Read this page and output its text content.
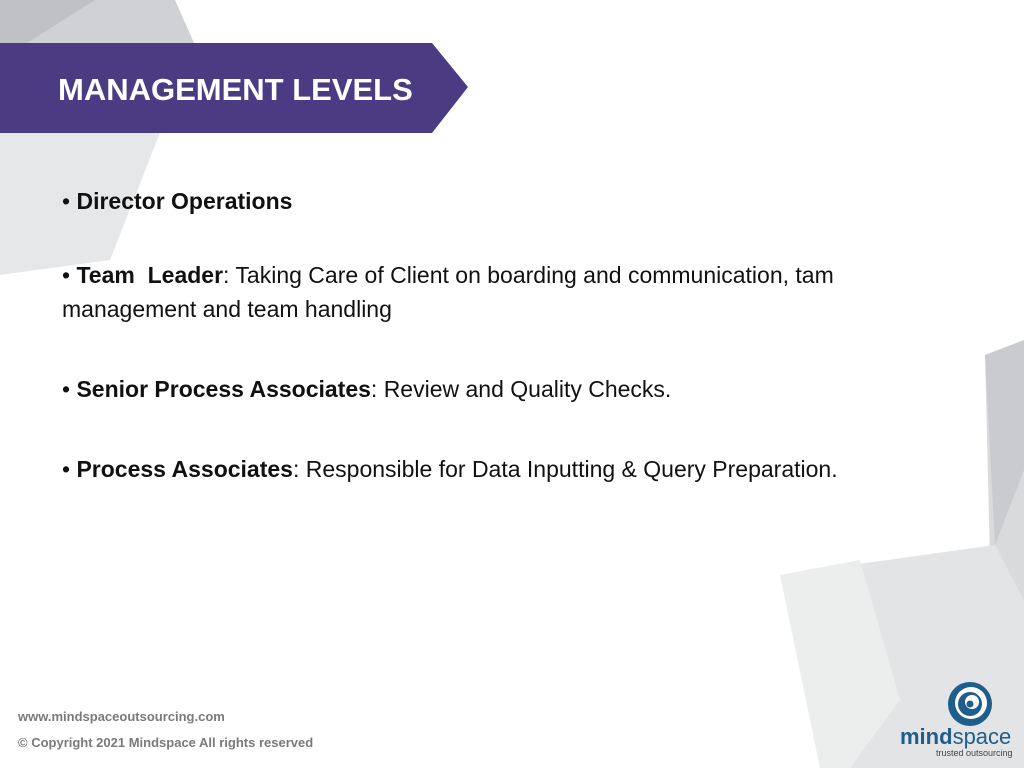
MANAGEMENT LEVELS

• Director Operations

• Team  Leader: Taking Care of Client on boarding and communication, tam management and team handling

• Senior Process Associates: Review and Quality Checks.

• Process Associates: Responsible for Data Inputting & Query Preparation.

www.mindspaceoutsourcing.com
© Copyright 2021 Mindspace All rights reserved	mindspace
trusted outsourcing
